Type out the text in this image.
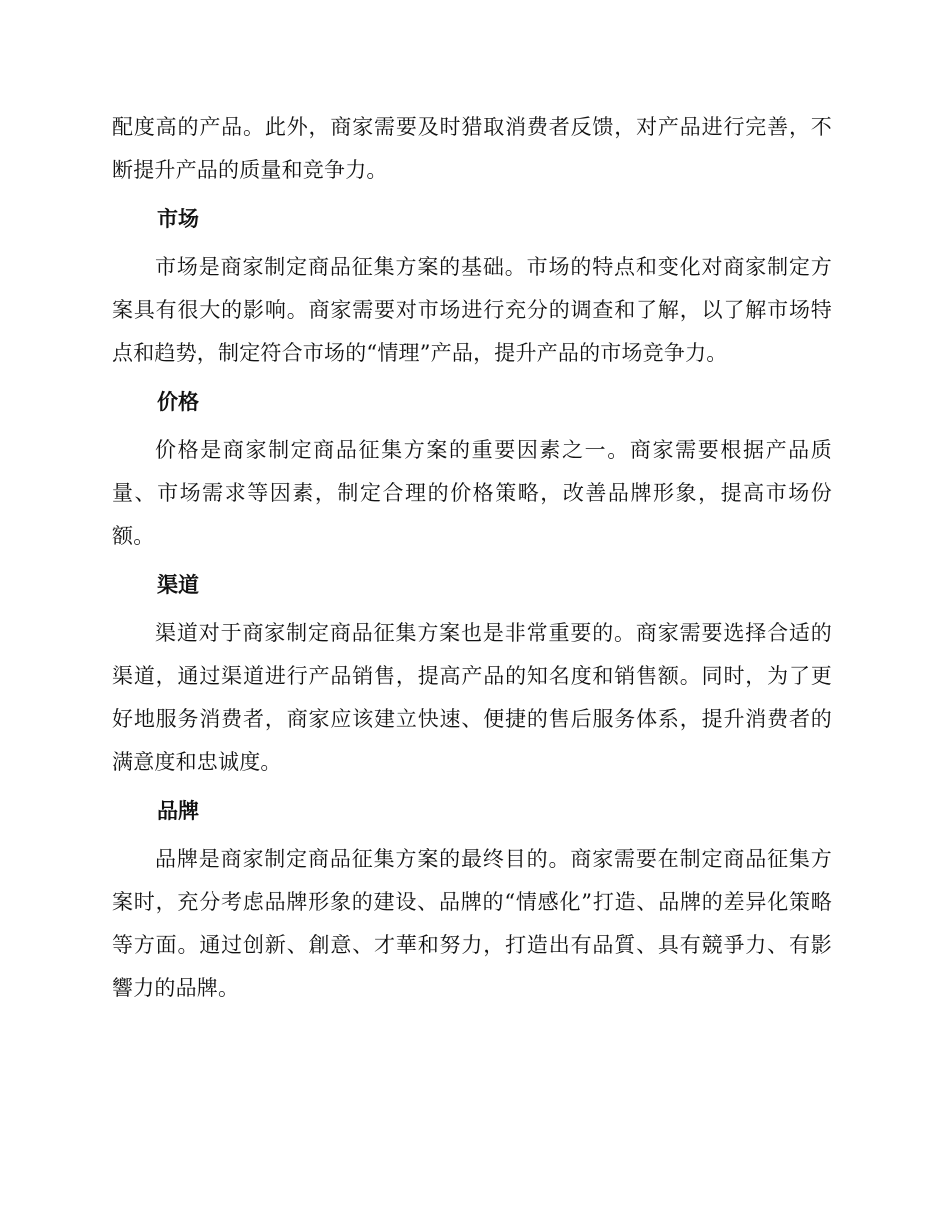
配度高的产品。此外，商家需要及时猎取消费者反馈，对产品进行完善，不断提升产品的质量和竞争力。

市场

市场是商家制定商品征集方案的基础。市场的特点和变化对商家制定方案具有很大的影响。商家需要对市场进行充分的调查和了解，以了解市场特点和趋势，制定符合市场的“情理”产品，提升产品的市场竞争力。

价格

价格是商家制定商品征集方案的重要因素之一。商家需要根据产品质量、市场需求等因素，制定合理的价格策略，改善品牌形象，提高市场份额。

渠道

渠道对于商家制定商品征集方案也是非常重要的。商家需要选择合适的渠道，通过渠道进行产品销售，提高产品的知名度和销售额。同时，为了更好地服务消费者，商家应该建立快速、便捷的售后服务体系，提升消费者的满意度和忠诚度。

品牌

品牌是商家制定商品征集方案的最终目的。商家需要在制定商品征集方案时，充分考虑品牌形象的建设、品牌的“情感化”打造、品牌的差异化策略等方面。通过创新、創意、才華和努力，打造出有品質、具有競爭力、有影響力的品牌。
